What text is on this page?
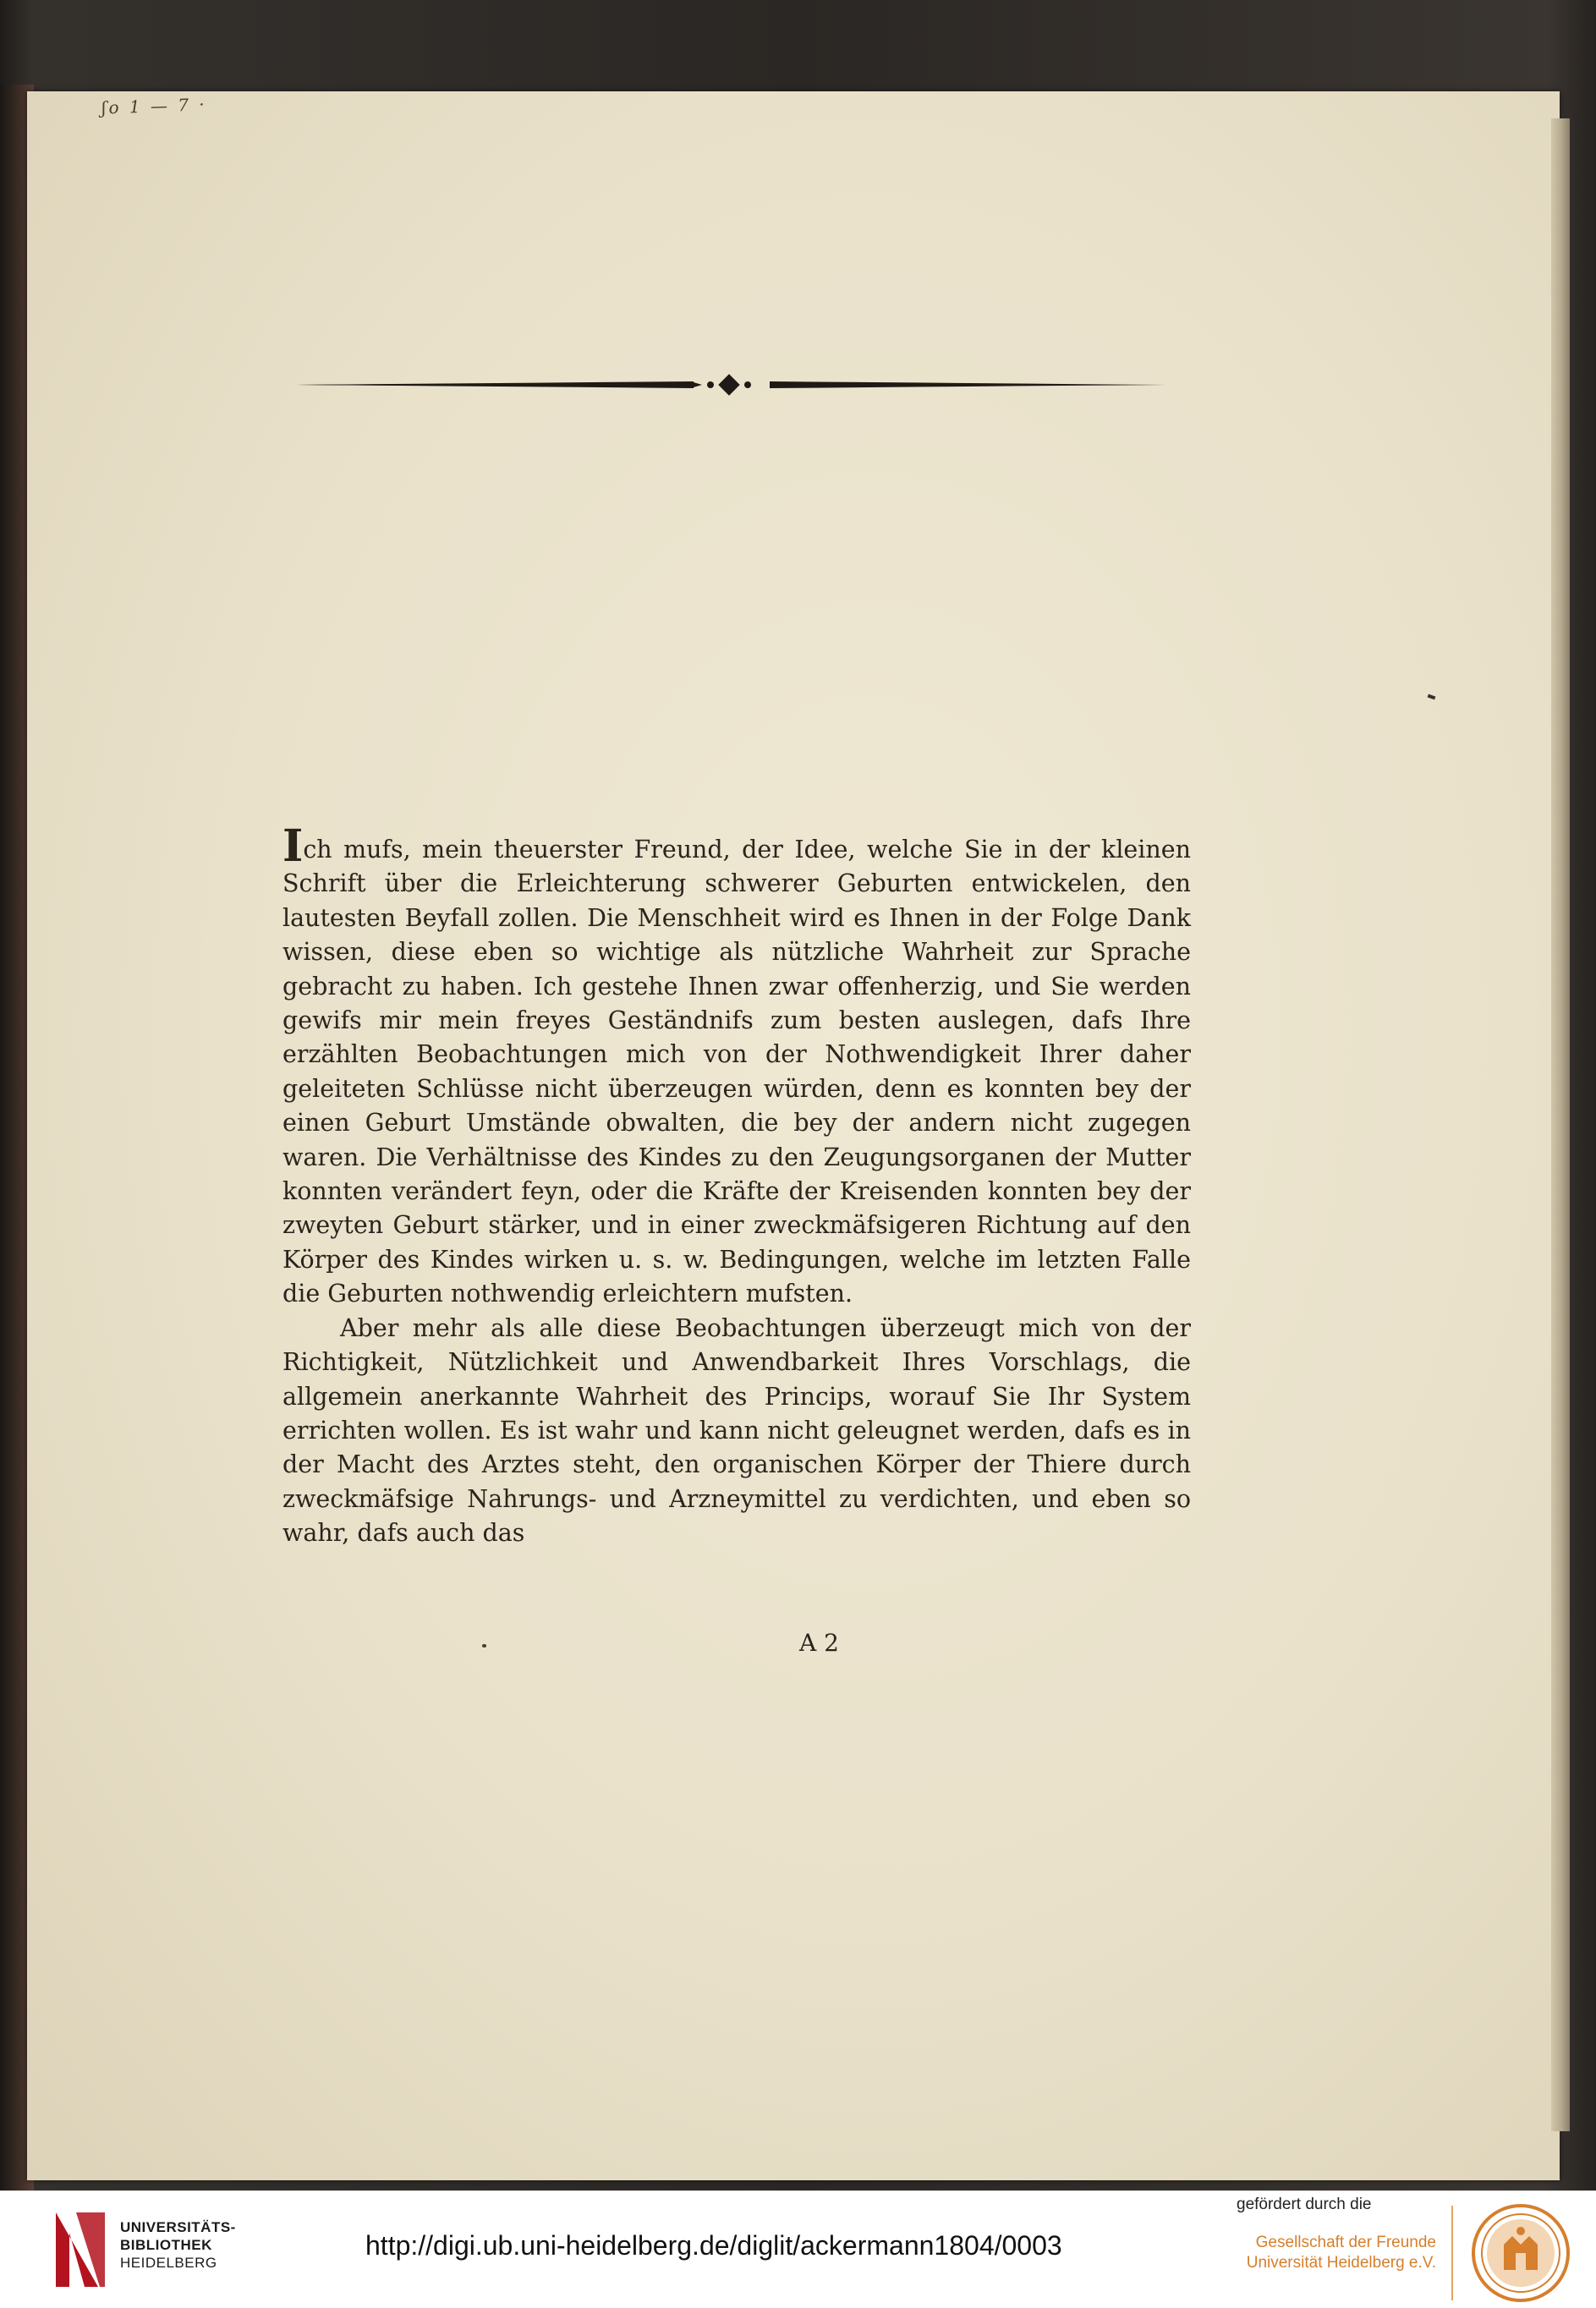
ʃo 1 — 7 ·

Ich mufs, mein theuerster Freund, der Idee, welche Sie in der kleinen Schrift über die Erleichterung schwerer Geburten entwickelen, den lautesten Beyfall zollen. Die Menschheit wird es Ihnen in der Folge Dank wissen, diese eben so wichtige als nützliche Wahrheit zur Sprache gebracht zu haben. Ich gestehe Ihnen zwar offenherzig, und Sie werden gewifs mir mein freyes Geständnifs zum besten auslegen, dafs Ihre erzählten Beobachtungen mich von der Nothwendigkeit Ihrer daher geleiteten Schlüsse nicht überzeugen würden, denn es konnten bey der einen Geburt Umstände obwalten, die bey der andern nicht zugegen waren. Die Verhältnisse des Kindes zu den Zeugungsorganen der Mutter konnten verändert feyn, oder die Kräfte der Kreisenden konnten bey der zweyten Geburt stärker, und in einer zweckmäfsigeren Richtung auf den Körper des Kindes wirken u. s. w. Bedingungen, welche im letzten Falle die Geburten nothwendig erleichtern mufsten.

Aber mehr als alle diese Beobachtungen überzeugt mich von der Richtigkeit, Nützlichkeit und Anwendbarkeit Ihres Vorschlags, die allgemein anerkannte Wahrheit des Princips, worauf Sie Ihr System errichten wollen. Es ist wahr und kann nicht geleugnet werden, dafs es in der Macht des Arztes steht, den organischen Körper der Thiere durch zweckmäfsige Nahrungs- und Arzneymittel zu verdichten, und eben so wahr, dafs auch das

A 2

UNIVERSITÄTS-
BIBLIOTHEK
HEIDELBERG

http://digi.ub.uni-heidelberg.de/diglit/ackermann1804/0003
gefördert durch die

Gesellschaft der Freunde
Universität Heidelberg e.V.
